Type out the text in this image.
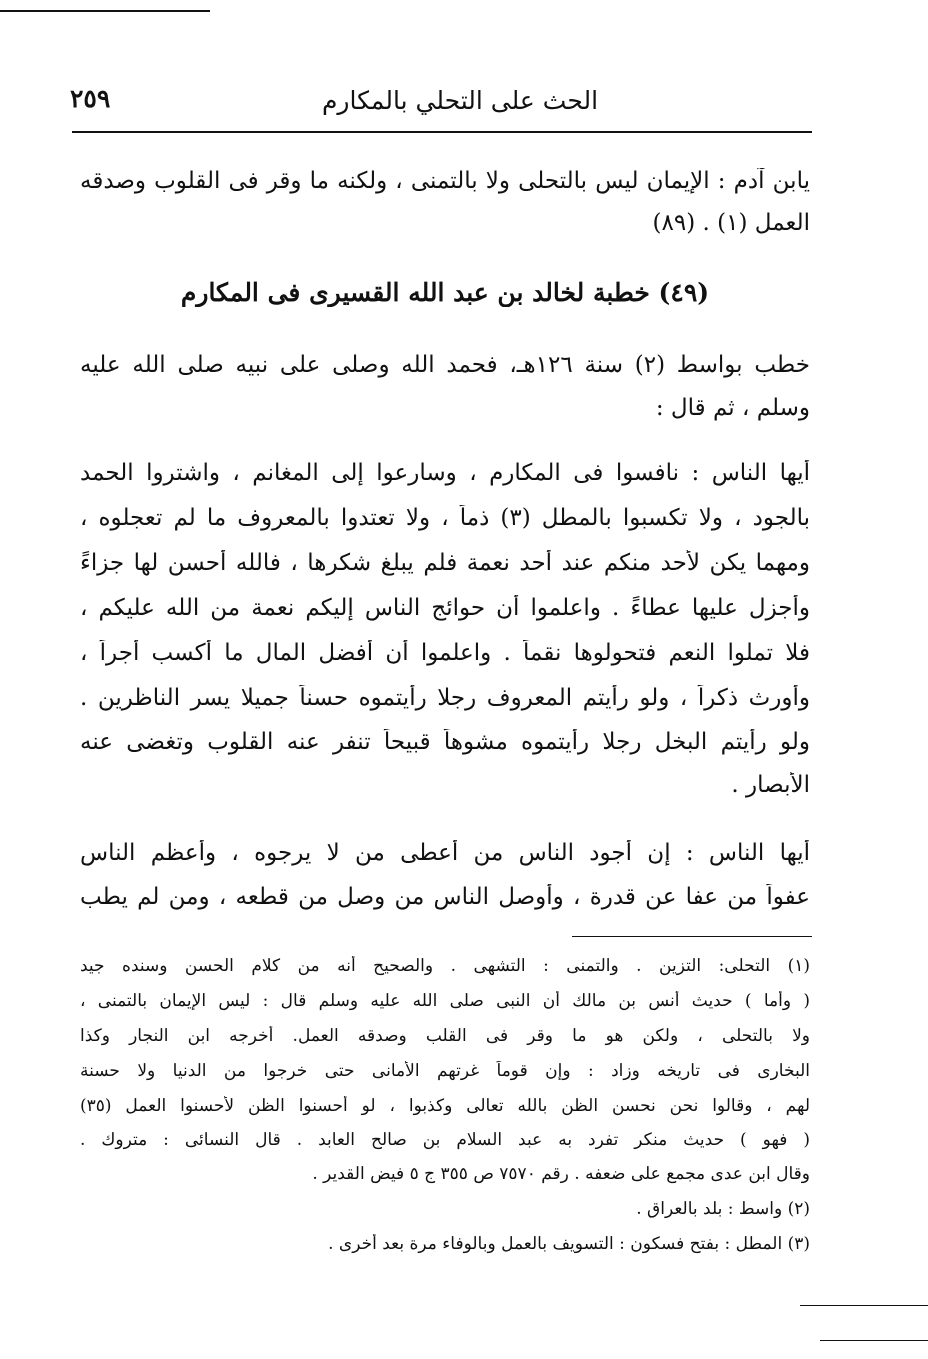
الحث على التحلي بالمكارم
٢٥٩
يابن آدم : الإيمان ليس بالتحلى ولا بالتمنى ، ولكنه ما وقر فى القلوب وصدقه
العمل (١) . (٨٩)
(٤٩) خطبة لخالد بن عبد الله القسيرى فى المكارم
خطب بواسط (٢) سنة ١٢٦هـ، فحمد الله وصلى على نبيه صلى الله عليه
وسلم ، ثم قال :
أيها الناس : نافسوا فى المكارم ، وسارعوا إلى المغانم ، واشتروا الحمد
بالجود ، ولا تكسبوا بالمطل (٣) ذماً ، ولا تعتدوا بالمعروف ما لم تعجلوه ،
ومهما يكن لأحد منكم عند أحد نعمة فلم يبلغ شكرها ، فالله أحسن لها جزاءً
وأجزل عليها عطاءً . واعلموا أن حوائج الناس إليكم نعمة من الله عليكم ،
فلا تملوا النعم فتحولوها نقماً . واعلموا أن أفضل المال ما أكسب أجراً ،
وأورث ذكراً ، ولو رأيتم المعروف رجلا رأيتموه حسناً جميلا يسر الناظرين .
ولو رأيتم البخل رجلا رأيتموه مشوهاً قبيحاً تنفر عنه القلوب وتغضى عنه
الأبصار .
أيها الناس : إن أجود الناس من أعطى من لا يرجوه ، وأعظم الناس
عفواً من عفا عن قدرة ، وأوصل الناس من وصل من قطعه ، ومن لم يطب
(١) التحلى: التزين . والتمنى : التشهى . والصحيح أنه من كلام الحسن وسنده جيد
( وأما ) حديث أنس بن مالك أن النبى صلى الله عليه وسلم قال : ليس الإيمان بالتمنى ،
ولا بالتحلى ، ولكن هو ما وقر فى القلب وصدقه العمل. أخرجه ابن النجار وكذا
البخارى فى تاريخه وزاد : وإن قوماً غرتهم الأمانى حتى خرجوا من الدنيا ولا حسنة
لهم ، وقالوا نحن نحسن الظن بالله تعالى وكذبوا ، لو أحسنوا الظن لأحسنوا العمل (٣٥)
( فهو ) حديث منكر تفرد به عبد السلام بن صالح العابد . قال النسائى : متروك .
وقال ابن عدى مجمع على ضعفه . رقم ٧٥٧٠ ص ٣٥٥ ج ٥ فيض القدير .
(٢) واسط : بلد بالعراق .
(٣) المطل : بفتح فسكون : التسويف بالعمل وبالوفاء مرة بعد أخرى .
